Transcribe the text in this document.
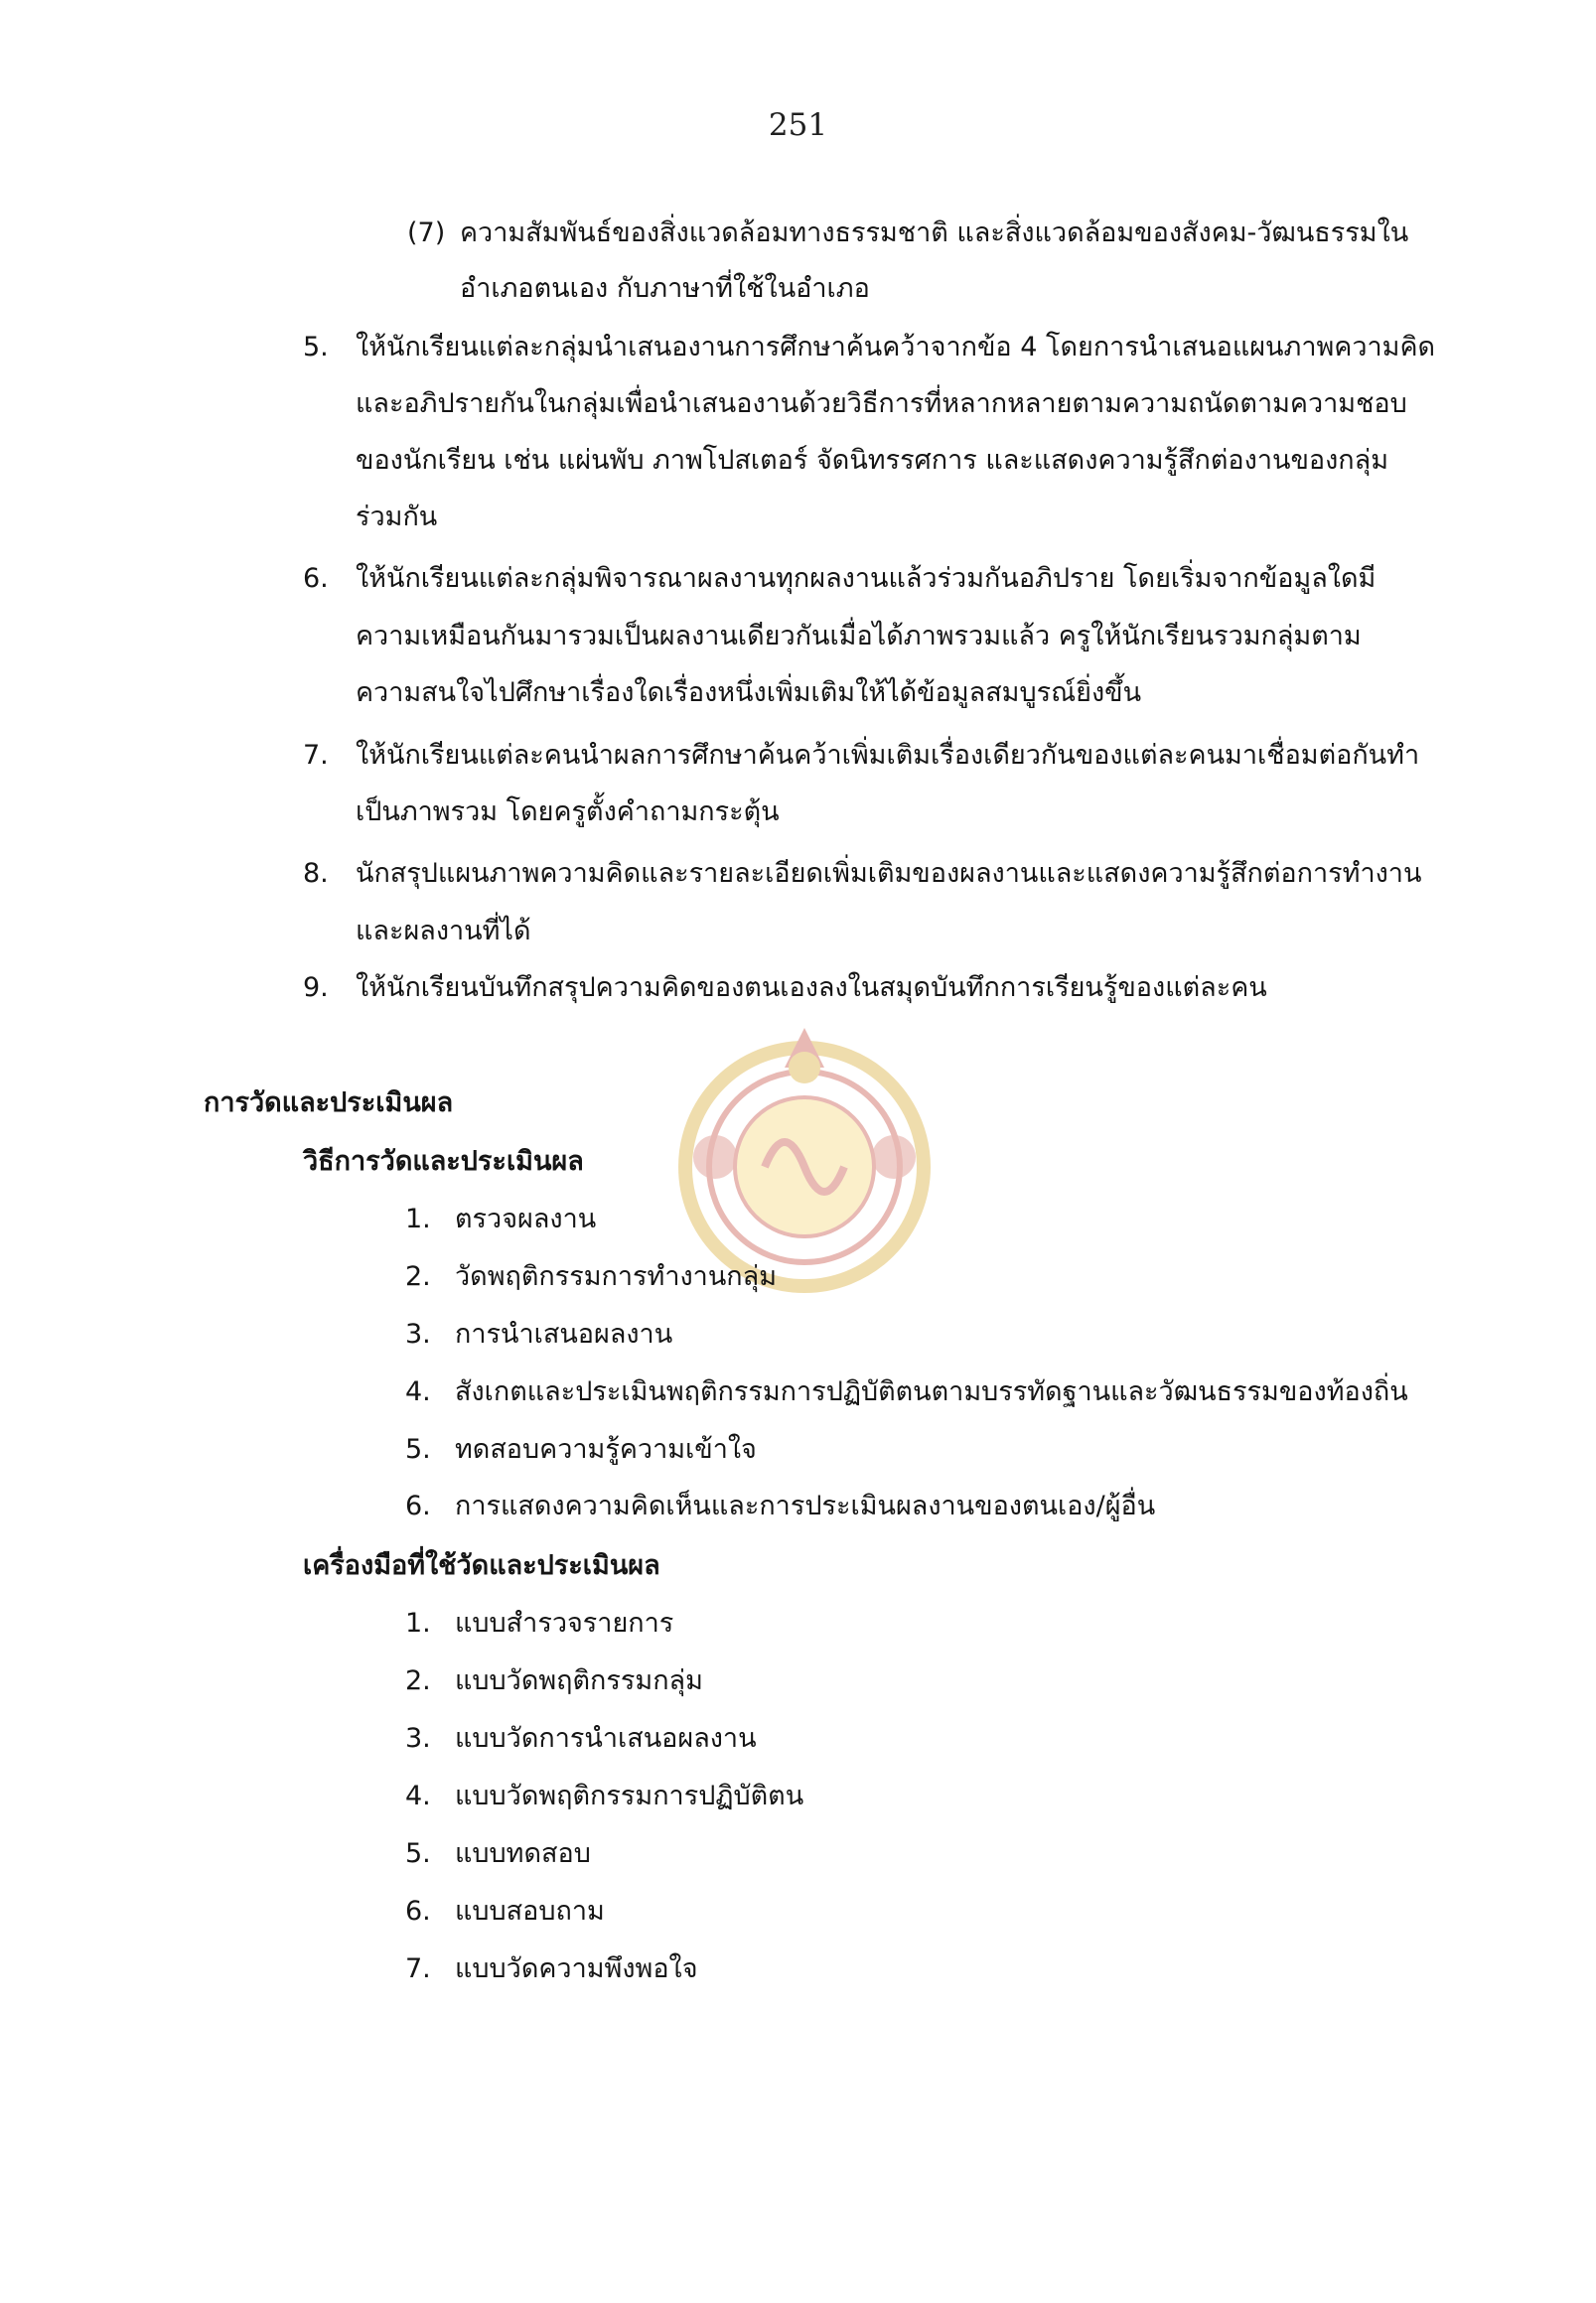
251
(7) ความสัมพันธ์ของสิ่งแวดล้อมทางธรรมชาติ และสิ่งแวดล้อมของสังคม-วัฒนธรรมใน
อำเภอตนเอง กับภาษาที่ใช้ในอำเภอ
5. ให้นักเรียนแต่ละกลุ่มนำเสนองานการศึกษาค้นคว้าจากข้อ 4 โดยการนำเสนอแผนภาพความคิด
และอภิปรายกันในกลุ่มเพื่อนำเสนองานด้วยวิธีการที่หลากหลายตามความถนัดตามความชอบ
ของนักเรียน เช่น แผ่นพับ ภาพโปสเตอร์ จัดนิทรรศการ และแสดงความรู้สึกต่องานของกลุ่ม
ร่วมกัน
6. ให้นักเรียนแต่ละกลุ่มพิจารณาผลงานทุกผลงานแล้วร่วมกันอภิปราย โดยเริ่มจากข้อมูลใดมี
ความเหมือนกันมารวมเป็นผลงานเดียวกันเมื่อได้ภาพรวมแล้ว ครูให้นักเรียนรวมกลุ่มตาม
ความสนใจไปศึกษาเรื่องใดเรื่องหนึ่งเพิ่มเติมให้ได้ข้อมูลสมบูรณ์ยิ่งขึ้น
7. ให้นักเรียนแต่ละคนนำผลการศึกษาค้นคว้าเพิ่มเติมเรื่องเดียวกันของแต่ละคนมาเชื่อมต่อกันทำ
เป็นภาพรวม โดยครูตั้งคำถามกระตุ้น
8. นักสรุปแผนภาพความคิดและรายละเอียดเพิ่มเติมของผลงานและแสดงความรู้สึกต่อการทำงาน
และผลงานที่ได้
9. ให้นักเรียนบันทึกสรุปความคิดของตนเองลงในสมุดบันทึกการเรียนรู้ของแต่ละคน
การวัดและประเมินผล
วิธีการวัดและประเมินผล
1. ตรวจผลงาน
2. วัดพฤติกรรมการทำงานกลุ่ม
3. การนำเสนอผลงาน
4. สังเกตและประเมินพฤติกรรมการปฏิบัติตนตามบรรทัดฐานและวัฒนธรรมของท้องถิ่น
5. ทดสอบความรู้ความเข้าใจ
6. การแสดงความคิดเห็นและการประเมินผลงานของตนเอง/ผู้อื่น
เครื่องมือที่ใช้วัดและประเมินผล
1. แบบสำรวจรายการ
2. แบบวัดพฤติกรรมกลุ่ม
3. แบบวัดการนำเสนอผลงาน
4. แบบวัดพฤติกรรมการปฏิบัติตน
5. แบบทดสอบ
6. แบบสอบถาม
7. แบบวัดความพึงพอใจ
